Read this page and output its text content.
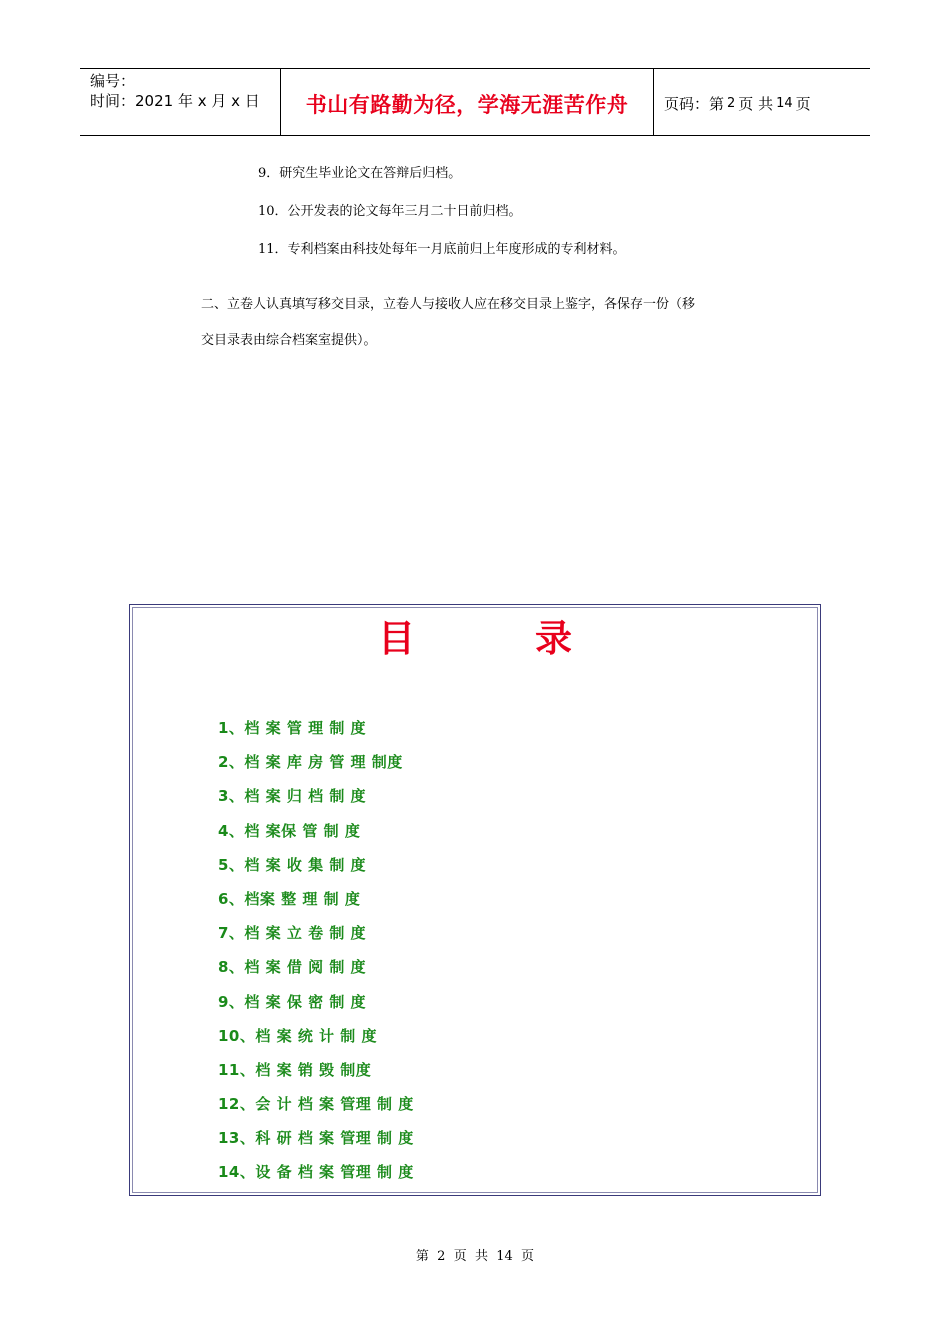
编号：
时间：2021 年 x 月 x 日	书山有路勤为径，学海无涯苦作舟	页码：第 2 页 共 14 页
9．研究生毕业论文在答辩后归档。
10．公开发表的论文每年三月二十日前归档。
11．专利档案由科技处每年一月底前归上年度形成的专利材料。
二、立卷人认真填写移交目录，立卷人与接收人应在移交目录上鉴字，各保存一份（移
交目录表由综合档案室提供）。
目	录
1、档 案 管 理 制 度
2、档 案 库 房 管 理 制度
3、档 案 归 档 制 度
4、档 案保 管 制 度
5、档 案 收 集 制 度
6、档案 整 理 制 度
7、档 案 立 卷 制 度
8、档 案 借 阅 制 度
9、档 案 保 密 制 度
10、档 案 统 计 制 度
11、档 案 销 毁 制度
12、会 计 档 案 管理 制 度
13、科 研 档 案 管理 制 度
14、设 备 档 案 管理 制 度
第  2  页  共  14  页
